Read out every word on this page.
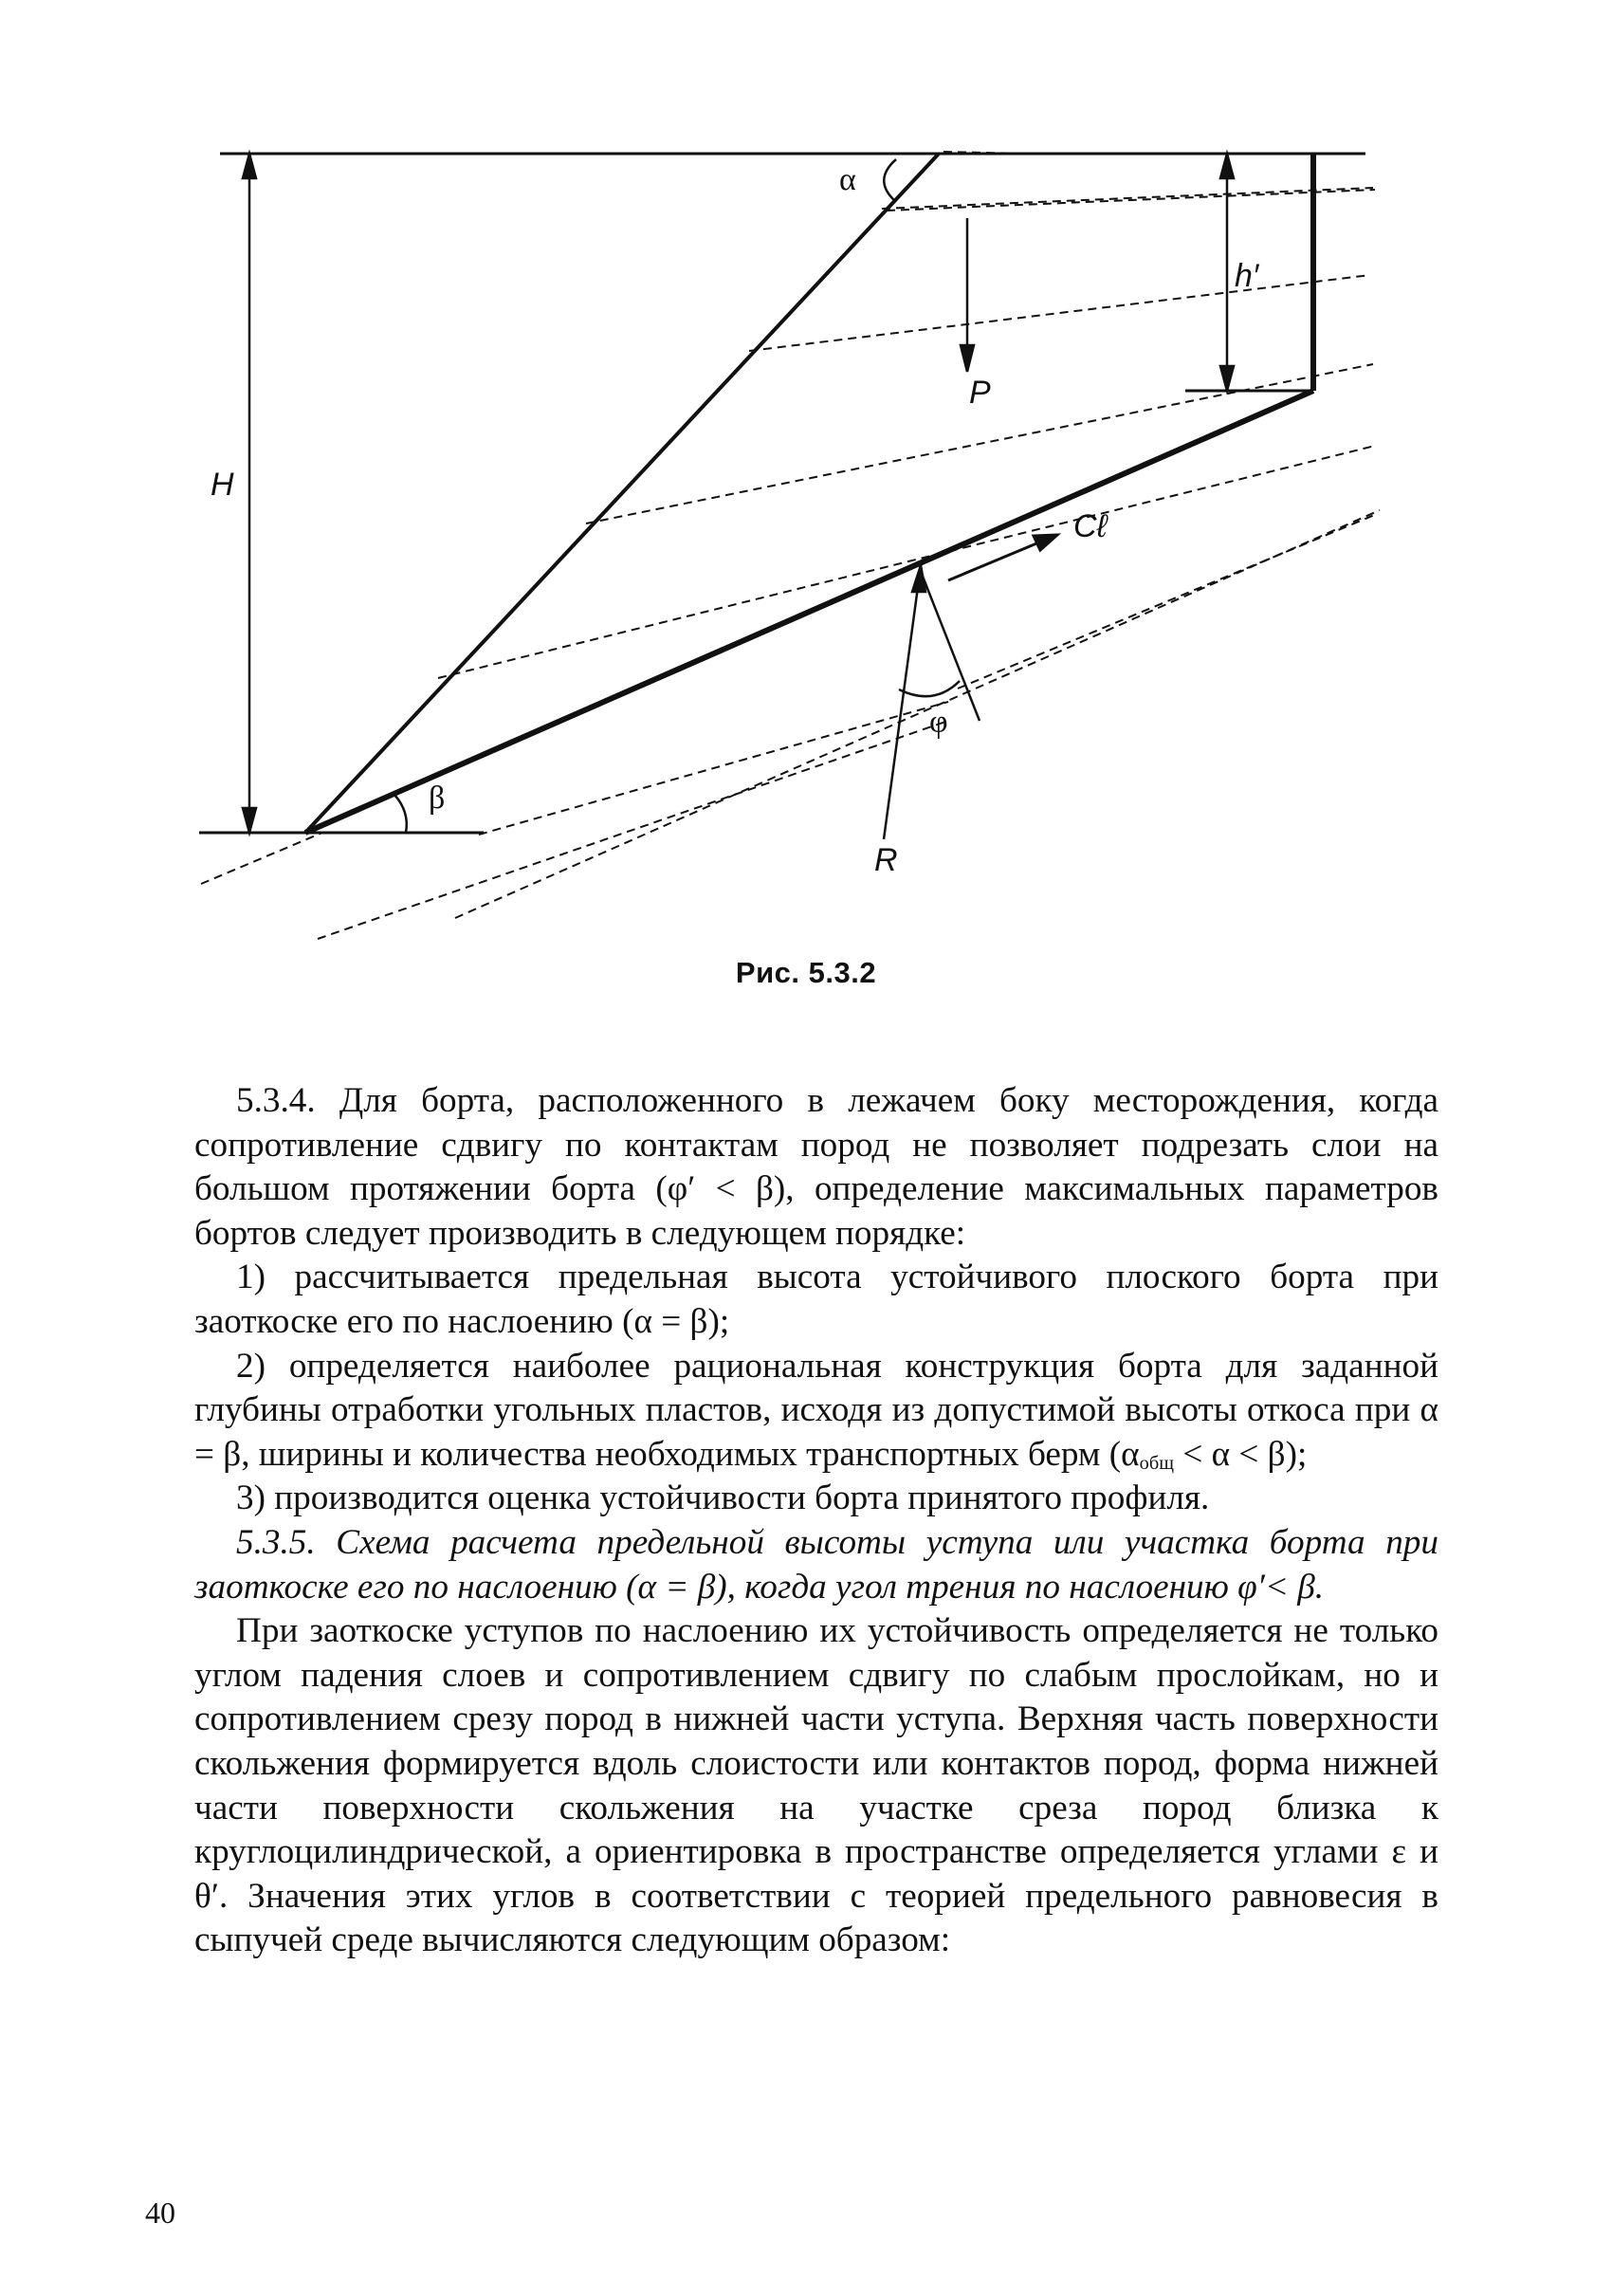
α
h′
P
H
Cℓ
φ
β
R
Рис. 5.3.2

5.3.4. Для борта, расположенного в лежачем боку месторождения, когда сопротивление сдвигу по контактам пород не позволяет подрезать слои на большом протяжении борта (φ′ < β), определение максимальных параметров бортов следует производить в следующем порядке:

1) рассчитывается предельная высота устойчивого плоского борта при заоткоске его по наслоению (α = β);

2) определяется наиболее рациональная конструкция борта для заданной глубины отработки угольных пластов, исходя из допустимой высоты откоса при α = β, ширины и количества необходимых транспортных берм $(\alpha_{общ} < \alpha < \beta)$;

3) производится оценка устойчивости борта принятого профиля.

5.3.5. Схема расчета предельной высоты уступа или участка борта при заоткоске его по наслоению (α = β), когда угол трения по наслоению φ′< β.

При заоткоске уступов по наслоению их устойчивость определяется не только углом падения слоев и сопротивлением сдвигу по слабым прослойкам, но и сопротивлением срезу пород в нижней части уступа. Верхняя часть поверхности скольжения формируется вдоль слоистости или контактов пород, форма нижней части поверхности скольжения на участке среза пород близка к круглоцилиндрической, а ориентировка в пространстве определяется углами ε и θ′. Значения этих углов в соответствии с теорией предельного равновесия в сыпучей среде вычисляются следующим образом:

40
